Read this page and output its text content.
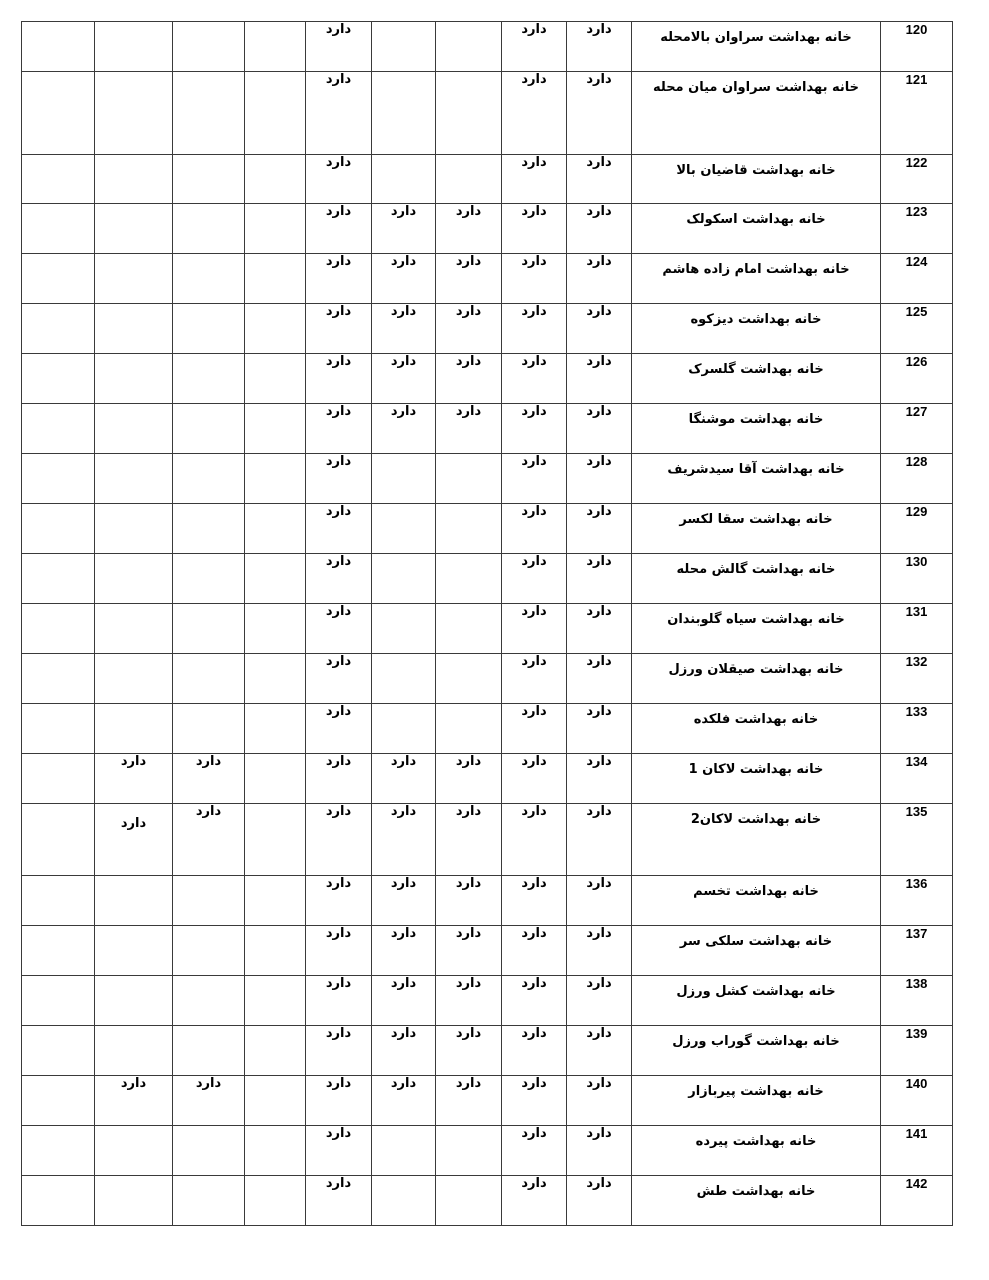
				دارد			دارد	دارد	خانه بهداشت سراوان بالامحله	120
				دارد			دارد	دارد	خانه بهداشت سراوان میان محله	121
				دارد			دارد	دارد	خانه بهداشت قاضیان بالا	122
				دارد	دارد	دارد	دارد	دارد	خانه بهداشت اسکولک	123
				دارد	دارد	دارد	دارد	دارد	خانه بهداشت امام زاده هاشم	124
				دارد	دارد	دارد	دارد	دارد	خانه بهداشت دیزکوه	125
				دارد	دارد	دارد	دارد	دارد	خانه بهداشت گلسرک	126
				دارد	دارد	دارد	دارد	دارد	خانه بهداشت موشنگا	127
				دارد			دارد	دارد	خانه بهداشت آقا سیدشریف	128
				دارد			دارد	دارد	خانه بهداشت سقا لکسر	129
				دارد			دارد	دارد	خانه بهداشت گالش محله	130
				دارد			دارد	دارد	خانه بهداشت سیاه گلوبندان	131
				دارد			دارد	دارد	خانه بهداشت صیقلان ورزل	132
				دارد			دارد	دارد	خانه بهداشت فلکده	133
	دارد	دارد		دارد	دارد	دارد	دارد	دارد	خانه بهداشت لاکان 1	134

	دارد	دارد		دارد	دارد	دارد	دارد	دارد	خانه بهداشت لاکان2	135
				دارد	دارد	دارد	دارد	دارد	خانه بهداشت تخسم	136
				دارد	دارد	دارد	دارد	دارد	خانه بهداشت سلکی سر	137
				دارد	دارد	دارد	دارد	دارد	خانه بهداشت کشل ورزل	138
				دارد	دارد	دارد	دارد	دارد	خانه بهداشت گوراب ورزل	139
	دارد	دارد		دارد	دارد	دارد	دارد	دارد	خانه بهداشت پیربازار	140
				دارد			دارد	دارد	خانه بهداشت پیرده	141
				دارد			دارد	دارد	خانه بهداشت طش	142
